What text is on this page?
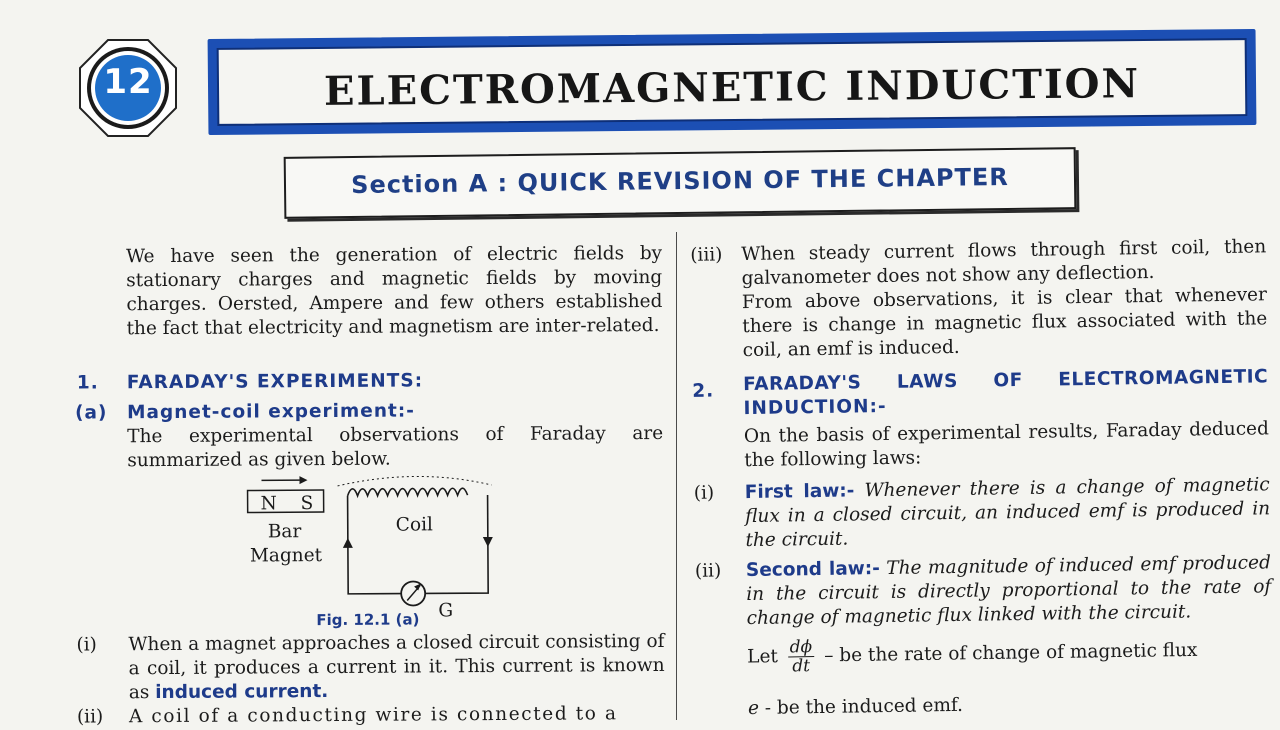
12	ELECTROMAGNETIC INDUCTION
Section A : QUICK REVISION OF THE CHAPTER
We have seen the generation of electric fields by stationary charges and magnetic fields by moving charges. Oersted, Ampere and few others established the fact that electricity and magnetism are inter-related.
1. FARADAY'S EXPERIMENTS:
(a) Magnet-coil experiment:-
The experimental observations of Faraday are summarized as given below.
N S
Bar
Magnet
Coil
G
Fig. 12.1 (a)
(i) When a magnet approaches a closed circuit consisting of a coil, it produces a current in it. This current is known as induced current.
(ii) A coil of a conducting wire is connected to a
(iii) When steady current flows through first coil, then galvanometer does not show any deflection.
From above observations, it is clear that whenever there is change in magnetic flux associated with the coil, an emf is induced.
2. FARADAY'S LAWS OF ELECTROMAGNETIC
INDUCTION:-
On the basis of experimental results, Faraday deduced the following laws:
(i) First law:- Whenever there is a change of magnetic flux in a closed circuit, an induced emf is produced in the circuit.
(ii) Second law:- The magnitude of induced emf produced in the circuit is directly proportional to the rate of change of magnetic flux linked with the circuit.
Let $\frac{d\phi}{dt}$ – be the rate of change of magnetic flux
e - be the induced emf.
